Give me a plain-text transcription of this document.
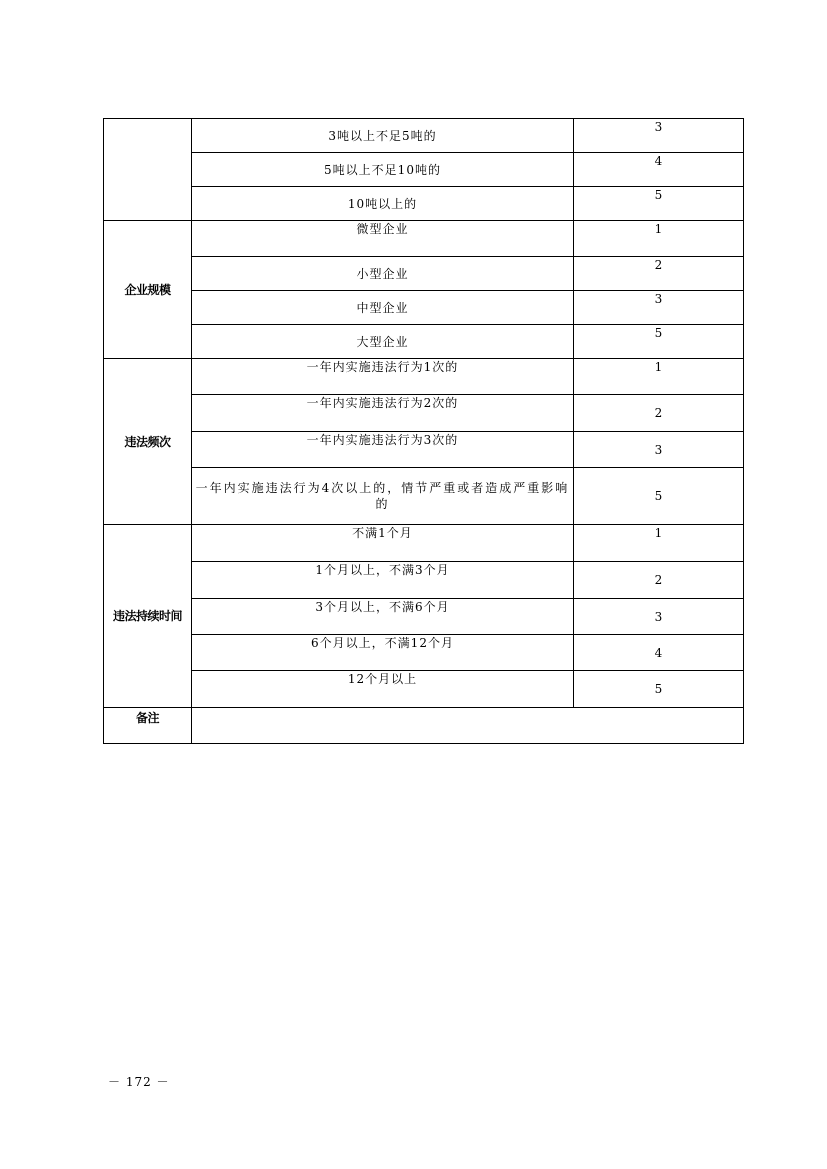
	3吨以上不足5吨的	3
	5吨以上不足10吨的	4
	10吨以上的	5
企业规模	微型企业	1
	小型企业	2
	中型企业	3
	大型企业	5
违法频次	一年内实施违法行为1次的	1
	一年内实施违法行为2次的	2
	一年内实施违法行为3次的	3
	一年内实施违法行为4次以上的，情节严重或者造成严重影响的	5
违法持续时间	不满1个月	1
	1个月以上，不满3个月	2
	3个月以上，不满6个月	3
	6个月以上，不满12个月	4
	12个月以上	5
备注		
－ 172 －
